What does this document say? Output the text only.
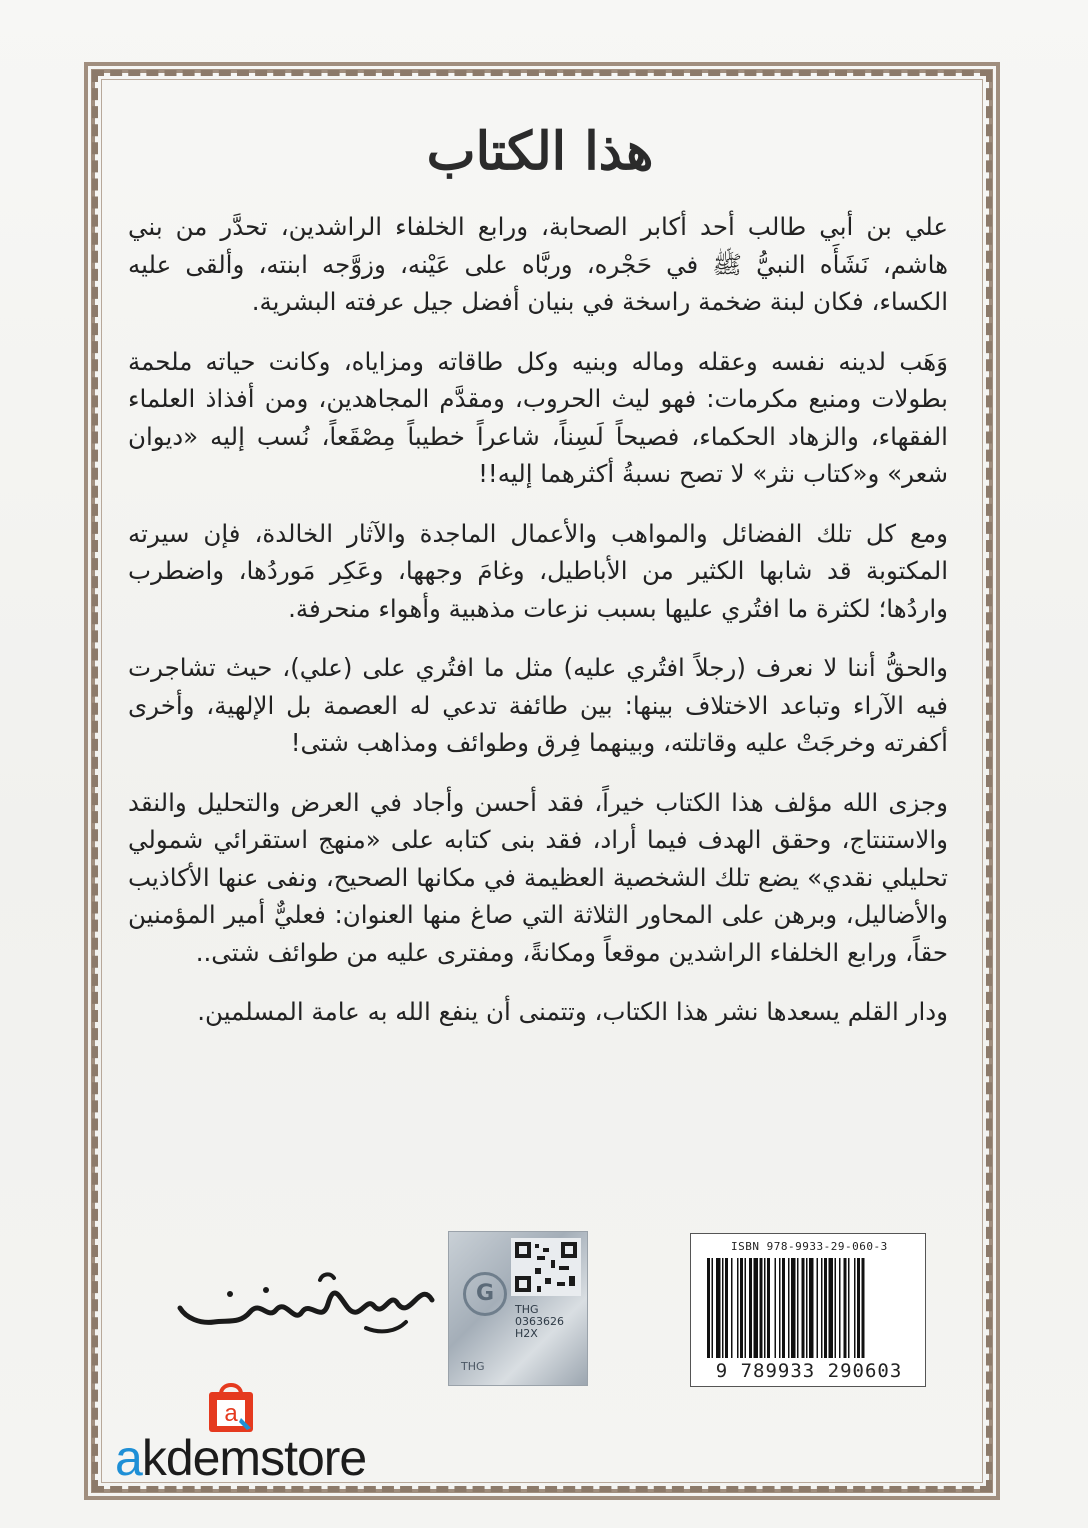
هذا الكتاب

علي بن أبي طالب أحد أكابر الصحابة، ورابع الخلفاء الراشدين، تحدَّر من بني هاشم، نَشَأَه النبيُّ ﷺ في حَجْره، وربَّاه على عَيْنه، وزوَّجه ابنته، وألقى عليه الكساء، فكان لبنة ضخمة راسخة في بنيان أفضل جيل عرفته البشرية.

وَهَب لدينه نفسه وعقله وماله وبنيه وكل طاقاته ومزاياه، وكانت حياته ملحمة بطولات ومنبع مكرمات: فهو ليث الحروب، ومقدَّم المجاهدين، ومن أفذاذ العلماء الفقهاء، والزهاد الحكماء، فصيحاً لَسِناً، شاعراً خطيباً مِصْقَعاً، نُسب إليه «ديوان شعر» و«كتاب نثر» لا تصح نسبةُ أكثرهما إليه!!

ومع كل تلك الفضائل والمواهب والأعمال الماجدة والآثار الخالدة، فإن سيرته المكتوبة قد شابها الكثير من الأباطيل، وغامَ وجهها، وعَكِر مَوردُها، واضطرب واردُها؛ لكثرة ما افتُري عليها بسبب نزعات مذهبية وأهواء منحرفة.

والحقُّ أننا لا نعرف (رجلاً افتُري عليه) مثل ما افتُري على (علي)، حيث تشاجرت فيه الآراء وتباعد الاختلاف بينها: بين طائفة تدعي له العصمة بل الإلهية، وأخرى أكفرته وخرجَتْ عليه وقاتلته، وبينهما فِرق وطوائف ومذاهب شتى!

وجزى الله مؤلف هذا الكتاب خيراً، فقد أحسن وأجاد في العرض والتحليل والنقد والاستنتاج، وحقق الهدف فيما أراد، فقد بنى كتابه على «منهج استقرائي شمولي تحليلي نقدي» يضع تلك الشخصية العظيمة في مكانها الصحيح، ونفى عنها الأكاذيب والأضاليل، وبرهن على المحاور الثلاثة التي صاغ منها العنوان: فعليٌّ أمير المؤمنين حقاً، ورابع الخلفاء الراشدين موقعاً ومكانةً، ومفترى عليه من طوائف شتى..

ودار القلم يسعدها نشر هذا الكتاب، وتتمنى أن ينفع الله به عامة المسلمين.

G
THG
0363626
H2X
THG
ISBN 978-9933-29-060-3
9 789933 290603
a
akdemstore
